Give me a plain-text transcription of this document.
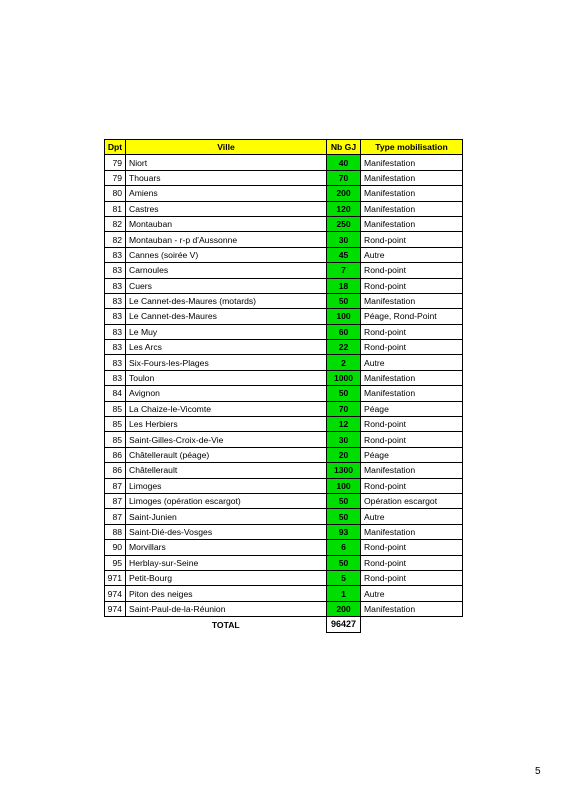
Dpt	Ville	Nb GJ	Type mobilisation
79	Niort	40	Manifestation
79	Thouars	70	Manifestation
80	Amiens	200	Manifestation
81	Castres	120	Manifestation
82	Montauban	250	Manifestation
82	Montauban - r-p d'Aussonne	30	Rond-point
83	Cannes (soirée V)	45	Autre
83	Carnoules	7	Rond-point
83	Cuers	18	Rond-point
83	Le Cannet-des-Maures (motards)	50	Manifestation
83	Le Cannet-des-Maures	100	Péage, Rond-Point
83	Le Muy	60	Rond-point
83	Les Arcs	22	Rond-point
83	Six-Fours-les-Plages	2	Autre
83	Toulon	1000	Manifestation
84	Avignon	50	Manifestation
85	La Chaize-le-Vicomte	70	Péage
85	Les Herbiers	12	Rond-point
85	Saint-Gilles-Croix-de-Vie	30	Rond-point
86	Châtellerault (péage)	20	Péage
86	Châtellerault	1300	Manifestation
87	Limoges	100	Rond-point
87	Limoges (opération escargot)	50	Opération escargot
87	Saint-Junien	50	Autre
88	Saint-Dié-des-Vosges	93	Manifestation
90	Morvillars	6	Rond-point
95	Herblay-sur-Seine	50	Rond-point
971	Petit-Bourg	5	Rond-point
974	Piton des neiges	1	Autre
974	Saint-Paul-de-la-Réunion	200	Manifestation
	TOTAL	96427	
5
